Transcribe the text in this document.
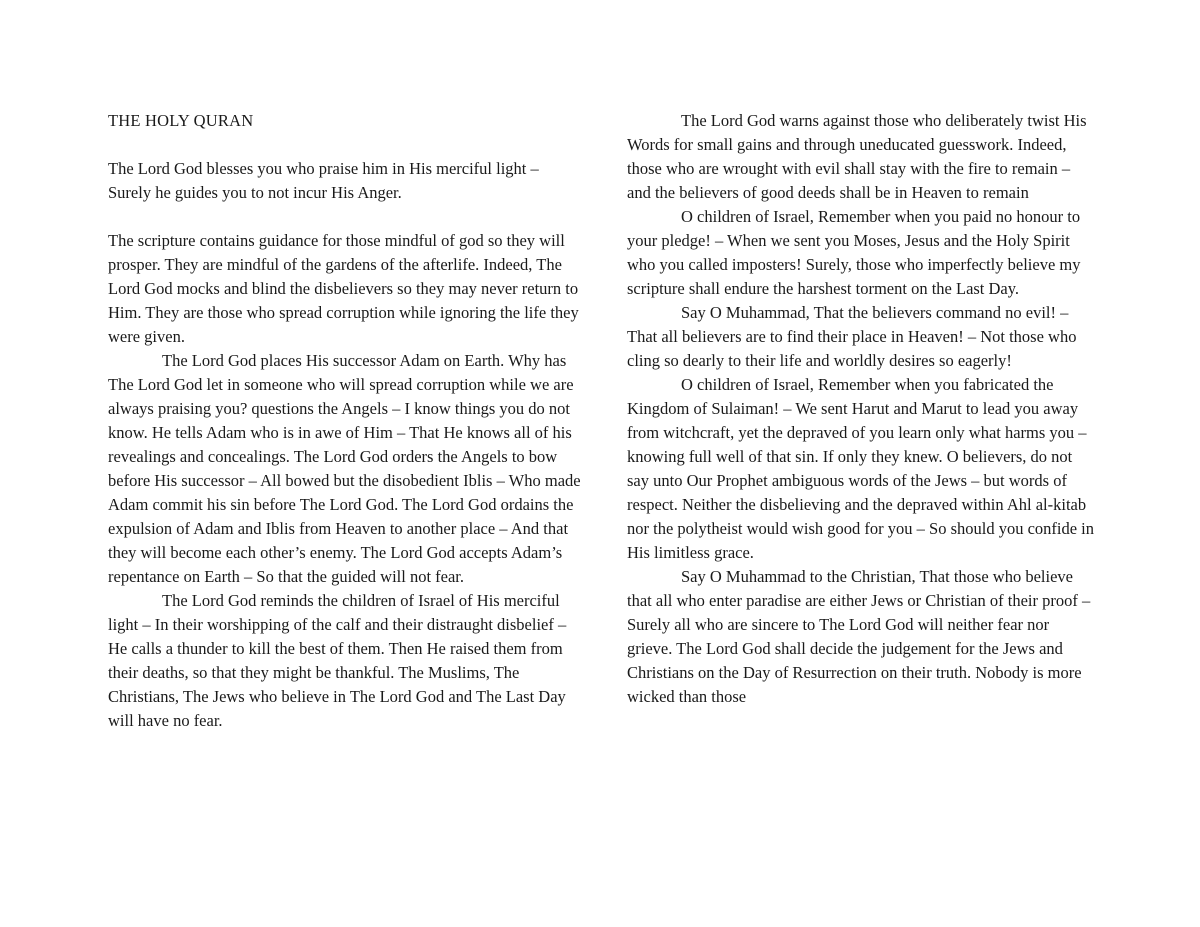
THE HOLY QURAN

The Lord God blesses you who praise him in His merciful light – Surely he guides you to not incur His Anger.

The scripture contains guidance for those mindful of god so they will prosper. They are mindful of the gardens of the afterlife. Indeed, The Lord God mocks and blind the disbelievers so they may never return to Him. They are those who spread corruption while ignoring the life they were given.

The Lord God places His successor Adam on Earth. Why has The Lord God let in someone who will spread corruption while we are always praising you? questions the Angels – I know things you do not know. He tells Adam who is in awe of Him – That He knows all of his revealings and concealings. The Lord God orders the Angels to bow before His successor – All bowed but the disobedient Iblis – Who made Adam commit his sin before The Lord God. The Lord God ordains the expulsion of Adam and Iblis from Heaven to another place – And that they will become each other’s enemy. The Lord God accepts Adam’s repentance on Earth – So that the guided will not fear.

The Lord God reminds the children of Israel of His merciful light – In their worshipping of the calf and their distraught disbelief – He calls a thunder to kill the best of them. Then He raised them from their deaths, so that they might be thankful. The Muslims, The Christians, The Jews who believe in The Lord God and The Last Day will have no fear.

The Lord God warns against those who deliberately twist His Words for small gains and through uneducated guesswork. Indeed, those who are wrought with evil shall stay with the fire to remain – and the believers of good deeds shall be in Heaven to remain

O children of Israel, Remember when you paid no honour to your pledge! – When we sent you Moses, Jesus and the Holy Spirit who you called imposters! Surely, those who imperfectly believe my scripture shall endure the harshest torment on the Last Day.

Say O Muhammad, That the believers command no evil! – That all believers are to find their place in Heaven! – Not those who cling so dearly to their life and worldly desires so eagerly!

O children of Israel, Remember when you fabricated the Kingdom of Sulaiman! – We sent Harut and Marut to lead you away from witchcraft, yet the depraved of you learn only what harms you – knowing full well of that sin. If only they knew. O believers, do not say unto Our Prophet ambiguous words of the Jews – but words of respect. Neither the disbelieving and the depraved within Ahl al-kitab nor the polytheist would wish good for you – So should you confide in His limitless grace.

Say O Muhammad to the Christian, That those who believe that all who enter paradise are either Jews or Christian of their proof – Surely all who are sincere to The Lord God will neither fear nor grieve. The Lord God shall decide the judgement for the Jews and Christians on the Day of Resurrection on their truth. Nobody is more wicked than those
